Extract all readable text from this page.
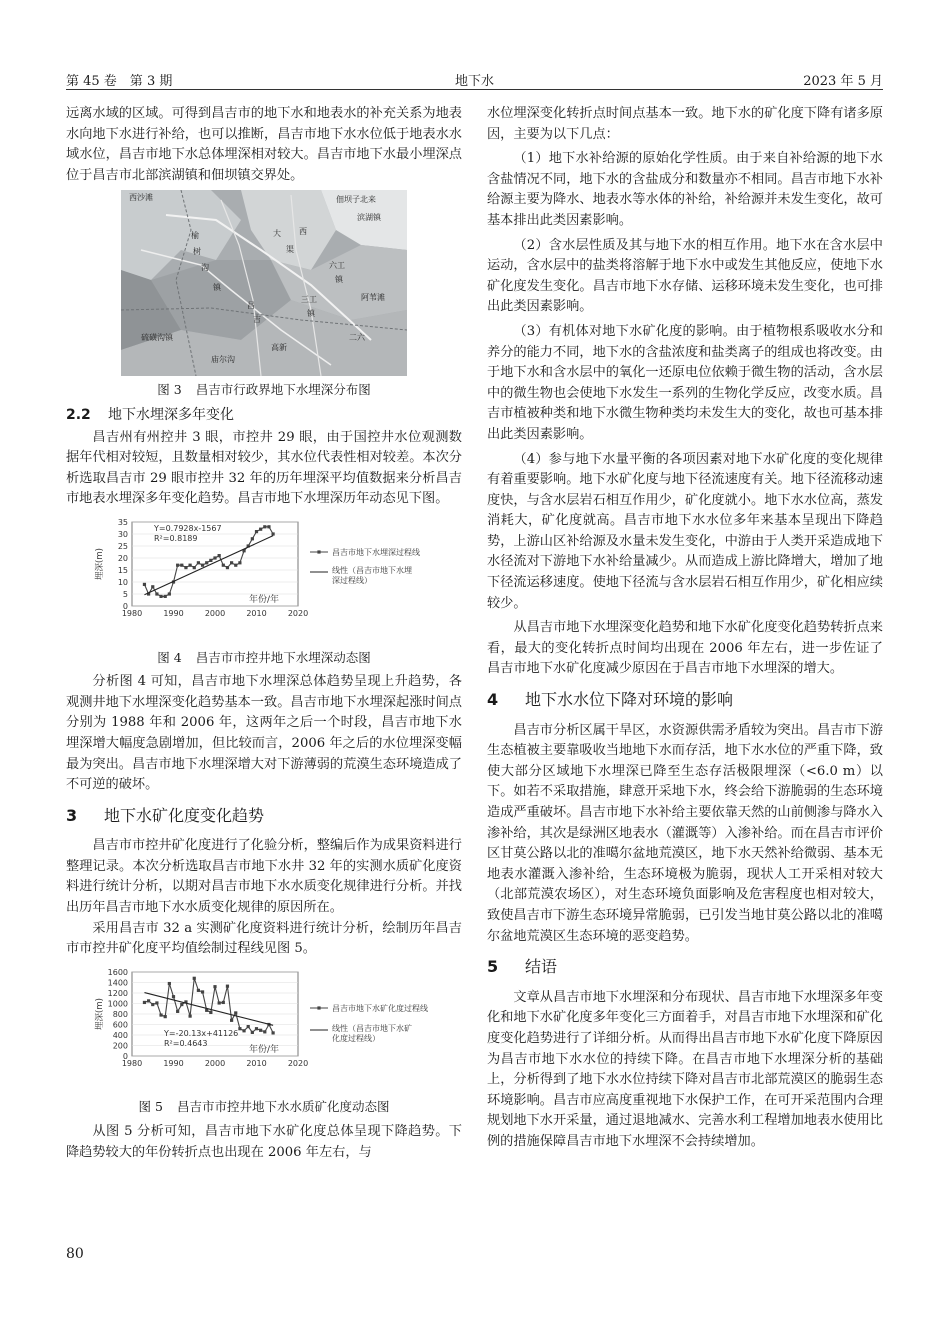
第 45 卷　第 3 期	地下水	2023 年 5 月

远离水域的区域。可得到昌吉市的地下水和地表水的补充关系为地表水向地下水进行补给，也可以推断，昌吉市地下水水位低于地表水水域水位，昌吉市地下水总体埋深相对较大。昌吉市地下水最小埋深点位于昌吉市北部滨湖镇和佃坝镇交界处。

西沙滩	佃坝子北来
榆
树
沟
大 西
渠
镇
滨湖镇
六工
镇
三工
镇
昌
吉
高新
二六
硫磺沟镇
阿苇滩
庙尔沟
图 3 昌吉市行政界地下水埋深分布图
2.2 地下水埋深多年变化

昌吉州有州控井 3 眼，市控井 29 眼，由于国控井水位观测数据年代相对较短，且数量相对较少，其水位代表性相对较差。本次分析选取昌吉市 29 眼市控井 32 年的历年埋深平均值数据来分析昌吉市地表水埋深多年变化趋势。昌吉市地下水埋深历年动态见下图。

0
5
10
15
20
25
30
35
1980	1990	2000	2010	2020
埋深(m)
年份/年
Y=0.7928x-1567
R²=0.8189
昌吉市地下水埋深过程线
线性（昌吉市地下水埋
深过程线）
图 4 昌吉市市控井地下水埋深动态图

分析图 4 可知，昌吉市地下水埋深总体趋势呈现上升趋势，各观测井地下水埋深变化趋势基本一致。昌吉市地下水埋深起涨时间点分别为 1988 年和 2006 年，这两年之后一个时段，昌吉市地下水埋深增大幅度急剧增加，但比较而言，2006 年之后的水位埋深变幅最为突出。昌吉市地下水埋深增大对下游薄弱的荒漠生态环境造成了不可逆的破坏。

3 地下水矿化度变化趋势

昌吉市市控井矿化度进行了化验分析，整编后作为成果资料进行整理记录。本次分析选取昌吉市地下水井 32 年的实测水质矿化度资料进行统计分析，以期对昌吉市地下水水质变化规律进行分析。并找出历年昌吉市地下水水质变化规律的原因所在。

采用昌吉市 32 a 实测矿化度资料进行统计分析，绘制历年昌吉市市控井矿化度平均值绘制过程线见图 5。

0
200
400
600
800
1000
1200
1400
1600
1980	1990	2000	2010	2020
埋深(m)
年份/年
Y=-20.13x+41126
R²=0.4643
昌吉市地下水矿化度过程线
线性（昌吉市地下水矿
化度过程线）
图 5 昌吉市市控井地下水水质矿化度动态图

从图 5 分析可知，昌吉市地下水矿化度总体呈现下降趋势。下降趋势较大的年份转折点也出现在 2006 年左右，与

水位埋深变化转折点时间点基本一致。地下水的矿化度下降有诸多原因，主要为以下几点：

（1）地下水补给源的原始化学性质。由于来自补给源的地下水含盐情况不同，地下水的含盐成分和数量亦不相同。昌吉市地下水补给源主要为降水、地表水等水体的补给，补给源并未发生变化，故可基本排出此类因素影响。

（2）含水层性质及其与地下水的相互作用。地下水在含水层中运动，含水层中的盐类将溶解于地下水中或发生其他反应，使地下水矿化度发生变化。昌吉市地下水存储、运移环境未发生变化，也可排出此类因素影响。

（3）有机体对地下水矿化度的影响。由于植物根系吸收水分和养分的能力不同，地下水的含盐浓度和盐类离子的组成也将改变。由于地下水和含水层中的氧化一还原电位依赖于微生物的活动，含水层中的微生物也会使地下水发生一系列的生物化学反应，改变水质。昌吉市植被种类和地下水微生物种类均未发生大的变化，故也可基本排出此类因素影响。

（4）参与地下水量平衡的各项因素对地下水矿化度的变化规律有着重要影响。地下水矿化度与地下径流速度有关。地下径流移动速度快，与含水层岩石相互作用少，矿化度就小。地下水水位高，蒸发消耗大，矿化度就高。昌吉市地下水水位多年来基本呈现出下降趋势，上游山区补给源及水量未发生变化，中游由于人类开采造成地下水径流对下游地下水补给量减少。从而造成上游比降增大，增加了地下径流运移速度。使地下径流与含水层岩石相互作用少，矿化相应续较少。

从昌吉市地下水埋深变化趋势和地下水矿化度变化趋势转折点来看，最大的变化转折点时间均出现在 2006 年左右，进一步佐证了昌吉市地下水矿化度减少原因在于昌吉市地下水埋深的增大。

4 地下水水位下降对环境的影响

昌吉市分析区属干旱区，水资源供需矛盾较为突出。昌吉市下游生态植被主要靠吸收当地地下水而存活，地下水水位的严重下降，致使大部分区域地下水埋深已降至生态存活极限埋深（<6.0 m）以下。如若不采取措施，肆意开采地下水，终会给下游脆弱的生态环境造成严重破坏。昌吉市地下水补给主要依靠天然的山前侧渗与降水入渗补给，其次是绿洲区地表水（灌溉等）入渗补给。而在昌吉市评价区甘莫公路以北的准噶尔盆地荒漠区，地下水天然补给微弱、基本无地表水灌溉入渗补给，生态环境极为脆弱，现状人工开采相对较大（北部荒漠农场区），对生态环境负面影响及危害程度也相对较大，致使昌吉市下游生态环境异常脆弱，已引发当地甘莫公路以北的准噶尔盆地荒漠区生态环境的恶变趋势。

5 结语

文章从昌吉市地下水埋深和分布现状、昌吉市地下水埋深多年变化和地下水矿化度多年变化三方面着手，对昌吉市地下水埋深和矿化度变化趋势进行了详细分析。从而得出昌吉市地下水矿化度下降原因为昌吉市地下水水位的持续下降。在昌吉市地下水埋深分析的基础上，分析得到了地下水水位持续下降对昌吉市北部荒漠区的脆弱生态环境影响。昌吉市应高度重视地下水保护工作，在可开采范围内合理规划地下水开采量，通过退地减水、完善水利工程增加地表水使用比例的措施保障昌吉市地下水埋深不会持续增加。

80
